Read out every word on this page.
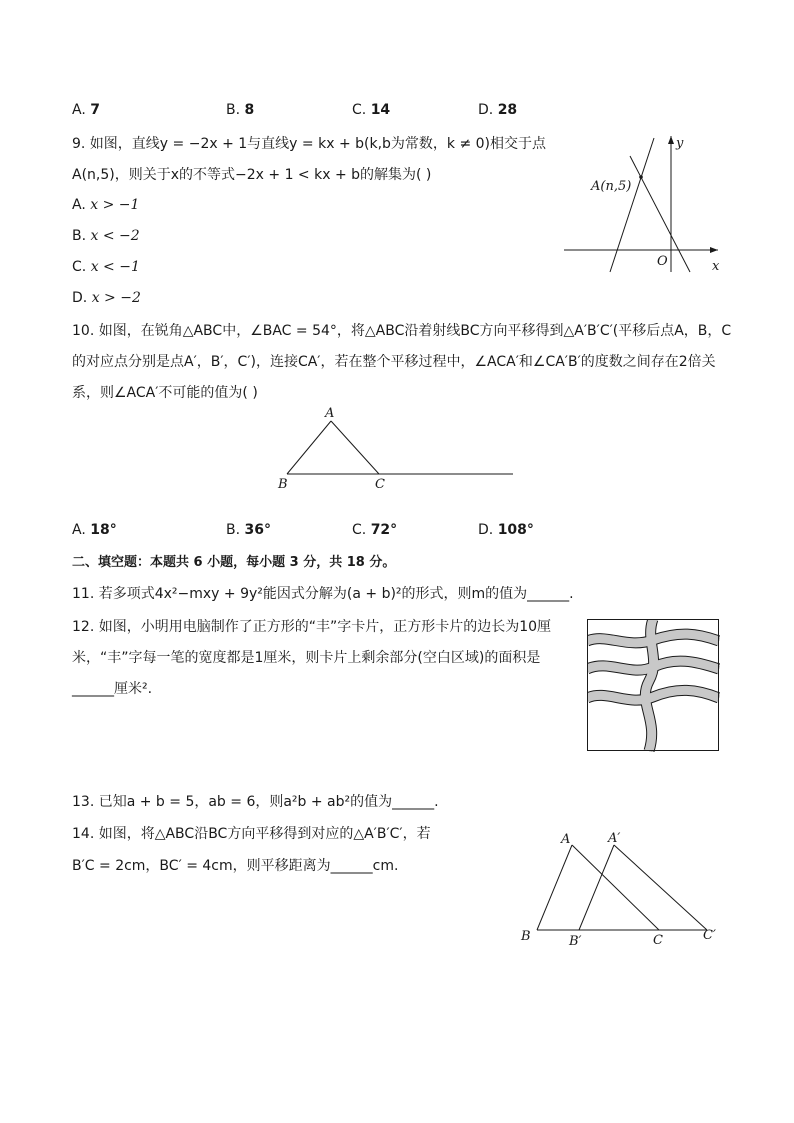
A. 7	B. 8	C. 14	D. 28
9. 如图，直线y = −2x + 1与直线y = kx + b(k,b为常数，k ≠ 0)相交于点
A(n,5)，则关于x的不等式−2x + 1 < kx + b的解集为( )
A. x > −1
B. x < −2
C. x < −1
D. x > −2
A(n,5)
y
x
O
10. 如图，在锐角△ABC中，∠BAC = 54°，将△ABC沿着射线BC方向平移得到△A′B′C′(平移后点A，B，C
的对应点分别是点A′，B′，C′)，连接CA′，若在整个平移过程中，∠ACA′和∠CA′B′的度数之间存在2倍关
系，则∠ACA′不可能的值为( )
A
B	C
A. 18°	B. 36°	C. 72°	D. 108°
二、填空题：本题共 6 小题，每小题 3 分，共 18 分。
11. 若多项式4x²−mxy + 9y²能因式分解为(a + b)²的形式，则m的值为______.
12. 如图，小明用电脑制作了正方形的“丰”字卡片，正方形卡片的边长为10厘
米，“丰”字每一笔的宽度都是1厘米，则卡片上剩余部分(空白区域)的面积是
______厘米².
13. 已知a + b = 5，ab = 6，则a²b + ab²的值为______.
14. 如图，将△ABC沿BC方向平移得到对应的△A′B′C′，若
B′C = 2cm，BC′ = 4cm，则平移距离为______cm.
A	A′
B	B′	C	C′
